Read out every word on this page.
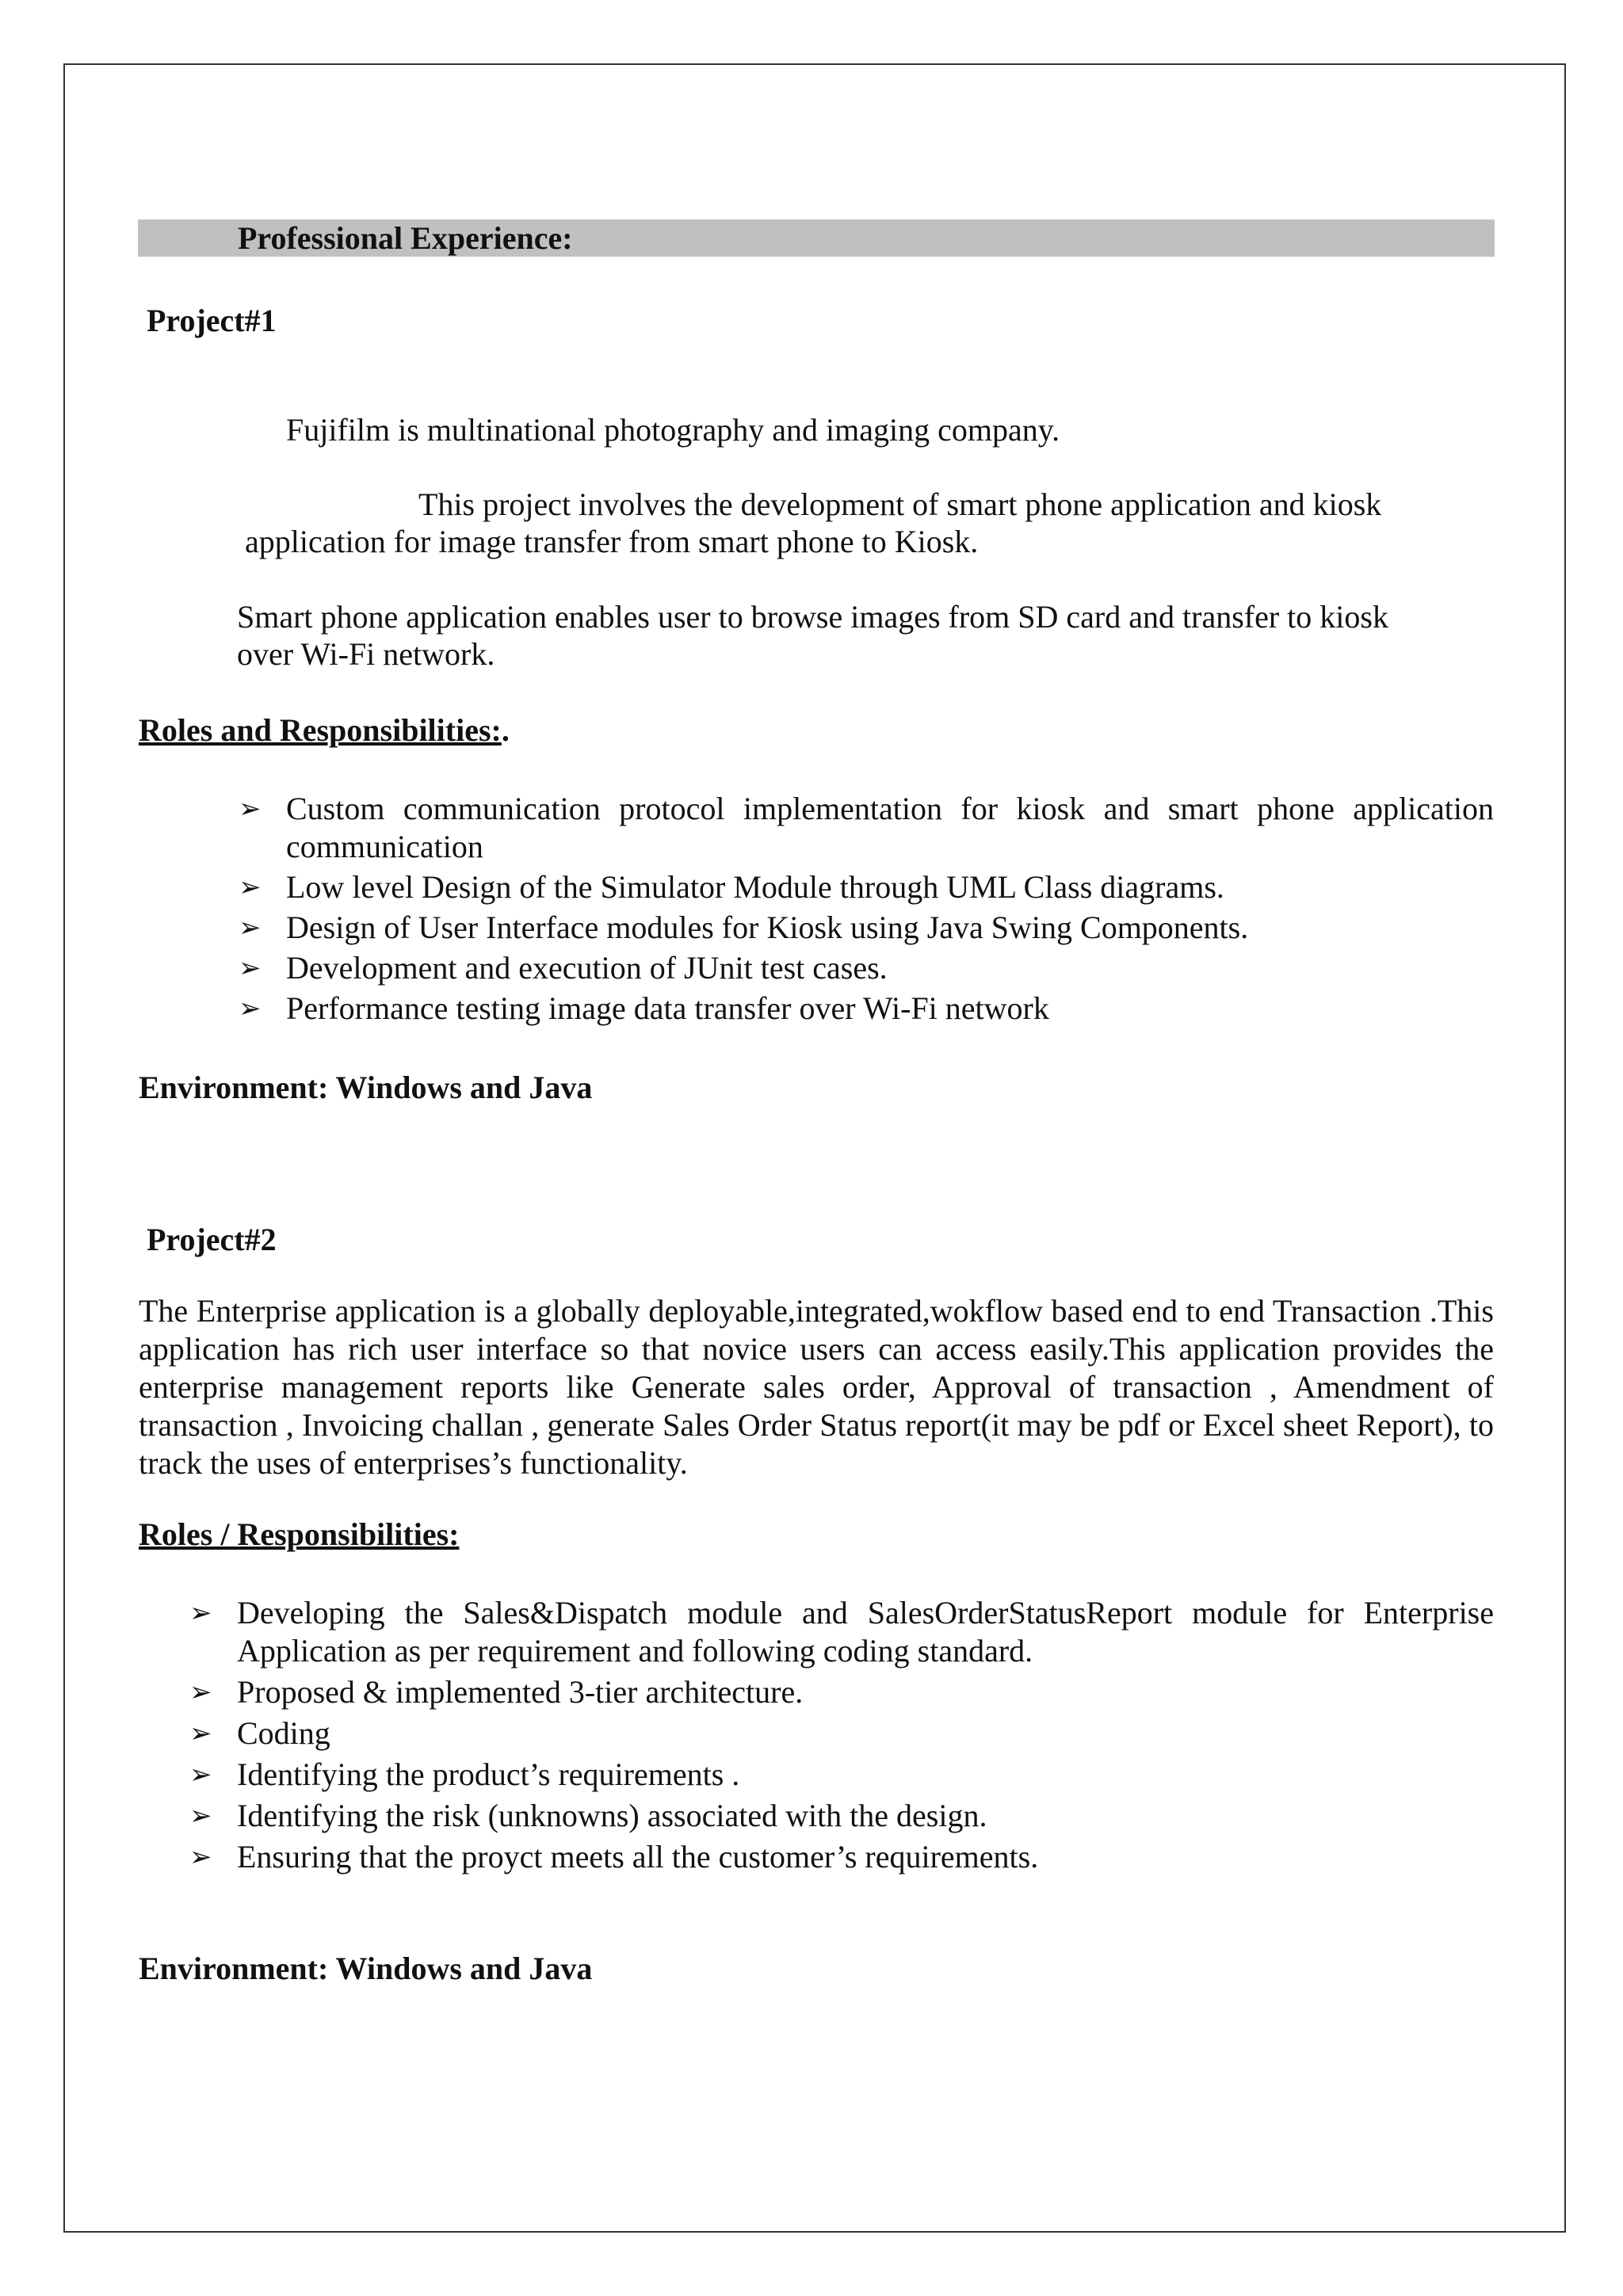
Professional Experience:
Project#1
Fujifilm is multinational photography and imaging company.
This project involves the development of smart phone application and kiosk
application for image transfer from smart phone to Kiosk.
Smart phone application enables user to browse images from SD card and transfer to kiosk
over Wi-Fi network.
Roles and Responsibilities:.
➢ Custom communication protocol implementation for kiosk and smart phone application communication
➢ Low level Design of the Simulator Module through UML Class diagrams.
➢ Design of User Interface modules for Kiosk using Java Swing Components.
➢ Development and execution of JUnit test cases.
➢ Performance testing image data transfer over Wi-Fi network
Environment: Windows and Java
Project#2
The Enterprise application is a globally deployable,integrated,wokflow based end to end Transaction .This application has rich user interface so that novice users can access easily.This application provides the enterprise management reports like Generate sales order, Approval of transaction , Amendment of transaction , Invoicing challan , generate Sales Order Status report(it may be pdf or Excel sheet Report), to track the uses of enterprises’s functionality.
Roles / Responsibilities:
➢ Developing the Sales&Dispatch module and SalesOrderStatusReport module for Enterprise Application as per requirement and following coding standard.
➢ Proposed & implemented 3-tier architecture.
➢ Coding
➢ Identifying the product’s requirements .
➢ Identifying the risk (unknowns) associated with the design.
➢ Ensuring that the proуct meets all the customer’s requirements.
Environment: Windows and Java
